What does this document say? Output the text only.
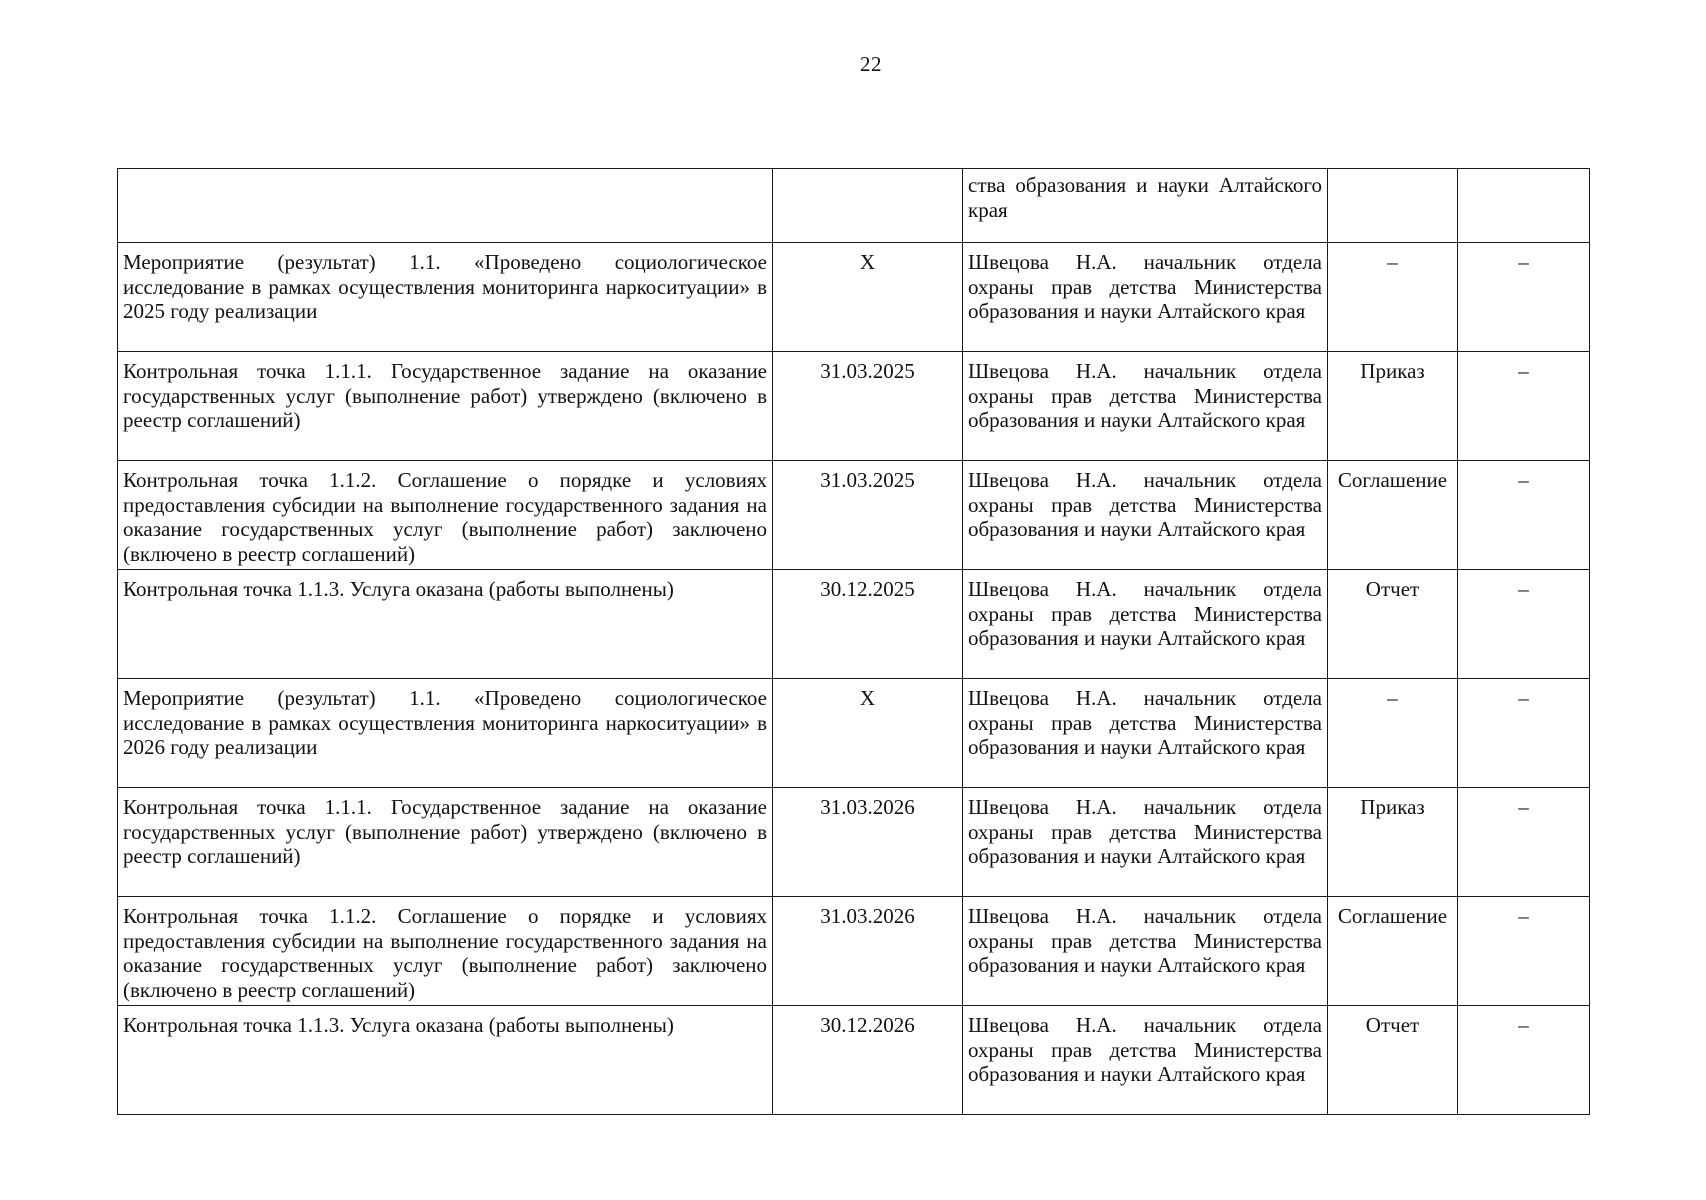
22
		ства образования и науки Алтайского края		
Мероприятие (результат) 1.1. «Проведено социологическое исследование в рамках осуществления мониторинга наркоситуации» в 2025 году реализации	X	Швецова Н.А. начальник отдела охраны прав детства Министерства образования и науки Алтайского края	–	–
Контрольная точка 1.1.1. Государственное задание на оказание государственных услуг (выполнение работ) утверждено (включено в реестр соглашений)	31.03.2025	Швецова Н.А. начальник отдела охраны прав детства Министерства образования и науки Алтайского края	Приказ	–
Контрольная точка 1.1.2. Соглашение о порядке и условиях предоставления субсидии на выполнение государственного задания на оказание государственных услуг (выполнение работ) заключено (включено в реестр соглашений)	31.03.2025	Швецова Н.А. начальник отдела охраны прав детства Министерства образования и науки Алтайского края	Соглашение	–
Контрольная точка 1.1.3. Услуга оказана (работы выполнены)	30.12.2025	Швецова Н.А. начальник отдела охраны прав детства Министерства образования и науки Алтайского края	Отчет	–
Мероприятие (результат) 1.1. «Проведено социологическое исследование в рамках осуществления мониторинга наркоситуации» в 2026 году реализации	X	Швецова Н.А. начальник отдела охраны прав детства Министерства образования и науки Алтайского края	–	–
Контрольная точка 1.1.1. Государственное задание на оказание государственных услуг (выполнение работ) утверждено (включено в реестр соглашений)	31.03.2026	Швецова Н.А. начальник отдела охраны прав детства Министерства образования и науки Алтайского края	Приказ	–
Контрольная точка 1.1.2. Соглашение о порядке и условиях предоставления субсидии на выполнение государственного задания на оказание государственных услуг (выполнение работ) заключено (включено в реестр соглашений)	31.03.2026	Швецова Н.А. начальник отдела охраны прав детства Министерства образования и науки Алтайского края	Соглашение	–
Контрольная точка 1.1.3. Услуга оказана (работы выполнены)	30.12.2026	Швецова Н.А. начальник отдела охраны прав детства Министерства образования и науки Алтайского края	Отчет	–
